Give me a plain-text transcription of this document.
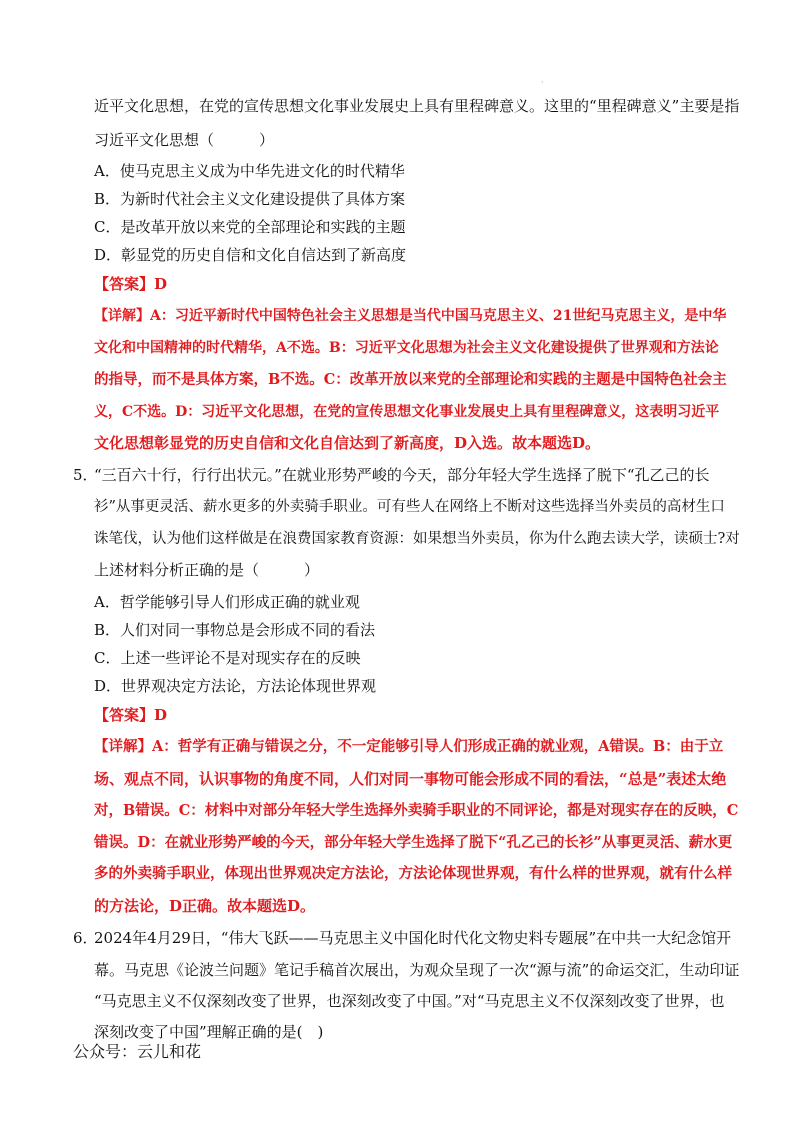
·
近平文化思想，在党的宣传思想文化事业发展史上具有里程碑意义。这里的“里程碑意义”主要是指
习近平文化思想（　　　）
A．使马克思主义成为中华先进文化的时代精华
B．为新时代社会主义文化建设提供了具体方案
C．是改革开放以来党的全部理论和实践的主题
D．彰显党的历史自信和文化自信达到了新高度
【答案】D
【详解】A：习近平新时代中国特色社会主义思想是当代中国马克思主义、21世纪马克思主义，是中华
文化和中国精神的时代精华，A不选。B：习近平文化思想为社会主义文化建设提供了世界观和方法论
的指导，而不是具体方案，B不选。C：改革开放以来党的全部理论和实践的主题是中国特色社会主
义，C不选。D：习近平文化思想，在党的宣传思想文化事业发展史上具有里程碑意义，这表明习近平
文化思想彰显党的历史自信和文化自信达到了新高度，D入选。故本题选D。
5．
“三百六十行，行行出状元。”在就业形势严峻的今天，部分年轻大学生选择了脱下“孔乙己的长
衫”从事更灵活、薪水更多的外卖骑手职业。可有些人在网络上不断对这些选择当外卖员的高材生口
诛笔伐，认为他们这样做是在浪费国家教育资源：如果想当外卖员，你为什么跑去读大学，读硕士?对
上述材料分析正确的是（　　　）
A．哲学能够引导人们形成正确的就业观
B．人们对同一事物总是会形成不同的看法
C．上述一些评论不是对现实存在的反映
D．世界观决定方法论，方法论体现世界观
【答案】D
【详解】A：哲学有正确与错误之分，不一定能够引导人们形成正确的就业观，A错误。B：由于立
场、观点不同，认识事物的角度不同，人们对同一事物可能会形成不同的看法，“总是”表述太绝
对，B错误。C：材料中对部分年轻大学生选择外卖骑手职业的不同评论，都是对现实存在的反映，C
错误。D：在就业形势严峻的今天，部分年轻大学生选择了脱下“孔乙己的长衫”从事更灵活、薪水更
多的外卖骑手职业，体现出世界观决定方法论，方法论体现世界观，有什么样的世界观，就有什么样
的方法论，D正确。故本题选D。
6．
2024年4月29日，“伟大飞跃——马克思主义中国化时代化文物史料专题展”在中共一大纪念馆开
幕。马克思《论波兰问题》笔记手稿首次展出，为观众呈现了一次“源与流”的命运交汇，生动印证
“马克思主义不仅深刻改变了世界，也深刻改变了中国。”对“马克思主义不仅深刻改变了世界，也
深刻改变了中国”理解正确的是(　)
公众号：云儿和花
